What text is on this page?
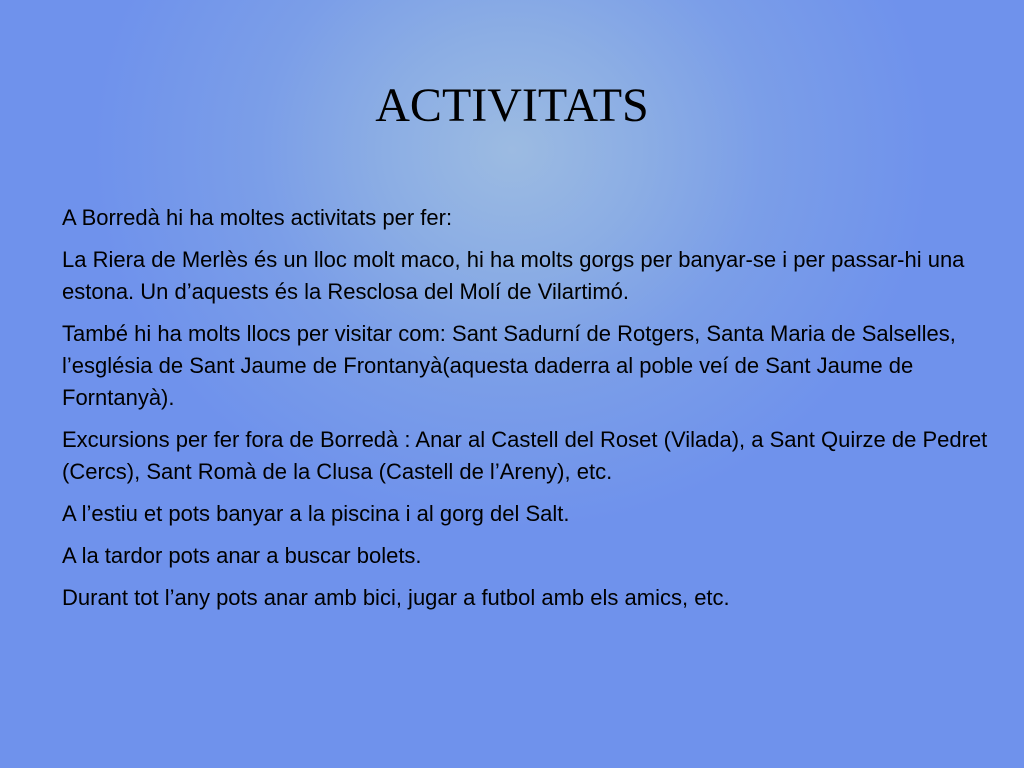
ACTIVITATS

A Borredà hi ha moltes activitats per fer:

La Riera de Merlès és un lloc molt maco, hi ha molts gorgs per banyar-se i per passar-hi una estona. Un d’aquests és la Resclosa del Molí de Vilartimó.

També hi ha molts llocs per visitar com: Sant Sadurní de Rotgers, Santa Maria de Salselles, l’església de Sant Jaume de Frontanyà(aquesta daderra al poble veí de Sant Jaume de Forntanyà).

Excursions per fer fora de Borredà : Anar al Castell del Roset (Vilada), a Sant Quirze de Pedret (Cercs), Sant Romà de la Clusa (Castell de l’Areny), etc.

A l’estiu et pots banyar a la piscina i al gorg del Salt.

A la tardor pots anar a buscar bolets.

Durant tot l’any pots anar amb bici, jugar a futbol amb els amics, etc.
